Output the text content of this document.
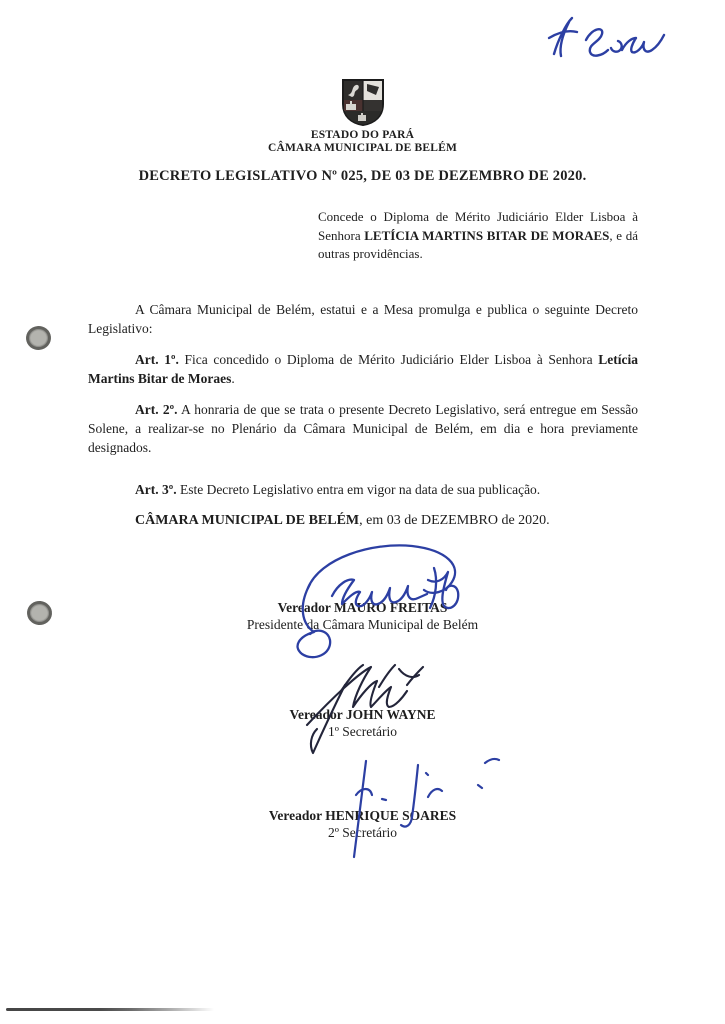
ESTADO DO PARÁ
CÂMARA MUNICIPAL DE BELÉM
DECRETO LEGISLATIVO Nº 025, DE 03 DE DEZEMBRO DE 2020.

Concede o Diploma de Mérito Judiciário Elder Lisboa à Senhora LETÍCIA MARTINS BITAR DE MORAES, e dá outras providências.

A Câmara Municipal de Belém, estatui e a Mesa promulga e publica o seguinte Decreto Legislativo:

Art. 1º. Fica concedido o Diploma de Mérito Judiciário Elder Lisboa à Senhora Letícia Martins Bitar de Moraes.

Art. 2º. A honraria de que se trata o presente Decreto Legislativo, será entregue em Sessão Solene, a realizar-se no Plenário da Câmara Municipal de Belém, em dia e hora previamente designados.

Art. 3º. Este Decreto Legislativo entra em vigor na data de sua publicação.

CÂMARA MUNICIPAL DE BELÉM, em 03 de DEZEMBRO de 2020.

Vereador MAURO FREITAS
Presidente da Câmara Municipal de Belém
Vereador JOHN WAYNE
1º Secretário
Vereador HENRIQUE SOARES
2º Secretário
